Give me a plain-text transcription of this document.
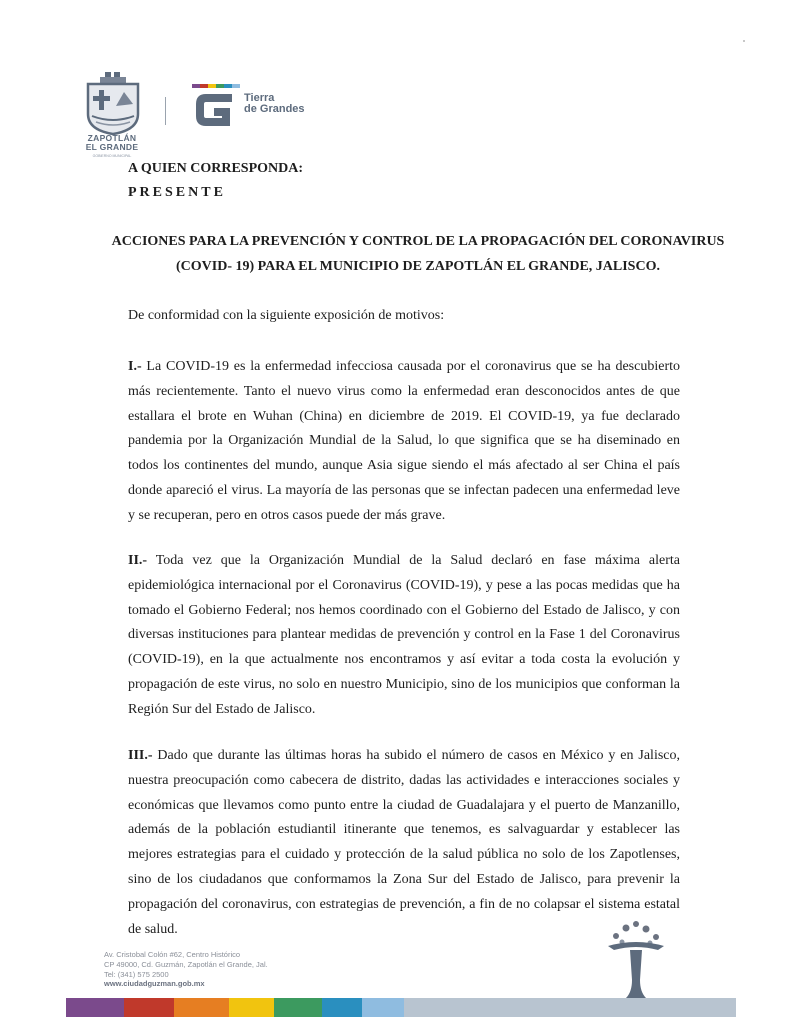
ZAPOTLÁN
EL GRANDE
GOBIERNO MUNICIPAL
Tierra
de Grandes
A QUIEN CORRESPONDA:
PRESENTE
ACCIONES PARA LA PREVENCIÓN Y CONTROL DE LA PROPAGACIÓN DEL CORONAVIRUS
(COVID- 19) PARA EL MUNICIPIO DE ZAPOTLÁN EL GRANDE, JALISCO.
De conformidad con la siguiente exposición de motivos:

I.- La COVID-19 es la enfermedad infecciosa causada por el coronavirus que se ha descubierto más recientemente. Tanto el nuevo virus como la enfermedad eran desconocidos antes de que estallara el brote en Wuhan (China) en diciembre de 2019. El COVID-19, ya fue declarado pandemia por la Organización Mundial de la Salud, lo que significa que se ha diseminado en todos los continentes del mundo, aunque Asia sigue siendo el más afectado al ser China el país donde apareció el virus. La mayoría de las personas que se infectan padecen una enfermedad leve y se recuperan, pero en otros casos puede der más grave.

II.- Toda vez que la Organización Mundial de la Salud declaró en fase máxima alerta epidemiológica internacional por el Coronavirus (COVID-19), y pese a las pocas medidas que ha tomado el Gobierno Federal; nos hemos coordinado con el Gobierno del Estado de Jalisco, y con diversas instituciones para plantear medidas de prevención y control en la Fase 1 del Coronavirus (COVID-19), en la que actualmente nos encontramos y así evitar a toda costa la evolución y propagación de este virus, no solo en nuestro Municipio, sino de los municipios que conforman la Región Sur del Estado de Jalisco.

III.- Dado que durante las últimas horas ha subido el número de casos en México y en Jalisco, nuestra preocupación como cabecera de distrito, dadas las actividades e interacciones sociales y económicas que llevamos como punto entre la ciudad de Guadalajara y el puerto de Manzanillo, además de la población estudiantil itinerante que tenemos, es salvaguardar y establecer las mejores estrategias para el cuidado y protección de la salud pública no solo de los Zapotlenses, sino de los ciudadanos que conformamos la Zona Sur del Estado de Jalisco, para prevenir la propagación del coronavirus, con estrategias de prevención, a fin de no colapsar el sistema estatal de salud.

Av. Cristobal Colón #62, Centro Histórico
CP 49000, Cd. Guzmán, Zapotlán el Grande, Jal.
Tel: (341) 575 2500
www.ciudadguzman.gob.mx
